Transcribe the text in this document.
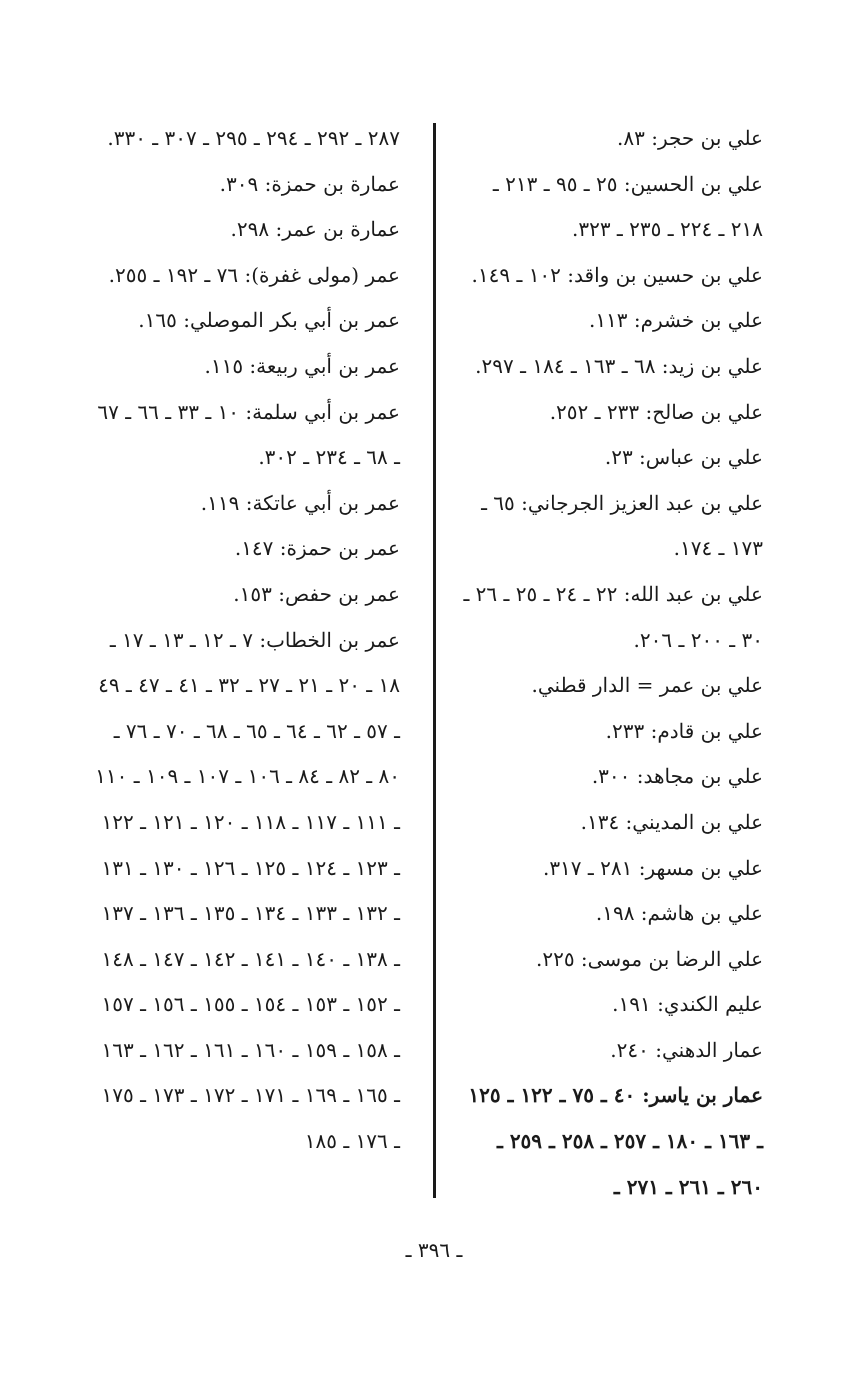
علي بن حجر: ٨٣.
علي بن الحسين: ٢٥ ـ ٩٥ ـ ٢١٣ ـ ٢١٨ ـ ٢٢٤ ـ ٢٣٥ ـ ٣٢٣.
علي بن حسين بن واقد: ١٠٢ ـ ١٤٩.
علي بن خشرم: ١١٣.
علي بن زيد: ٦٨ ـ ١٦٣ ـ ١٨٤ ـ ٢٩٧.
علي بن صالح: ٢٣٣ ـ ٢٥٢.
علي بن عباس: ٢٣.
علي بن عبد العزيز الجرجاني: ٦٥ ـ ١٧٣ ـ ١٧٤.
علي بن عبد الله: ٢٢ ـ ٢٤ ـ ٢٥ ـ ٢٦ ـ ٣٠ ـ ٢٠٠ ـ ٢٠٦.
علي بن عمر = الدار قطني.
علي بن قادم: ٢٣٣.
علي بن مجاهد: ٣٠٠.
علي بن المديني: ١٣٤.
علي بن مسهر: ٢٨١ ـ ٣١٧.
علي بن هاشم: ١٩٨.
علي الرضا بن موسى: ٢٢٥.
عليم الكندي: ١٩١.
عمار الدهني: ٢٤٠.
عمار بن ياسر: ٤٠ ـ ٧٥ ـ ١٢٢ ـ ١٢٥ ـ ١٦٣ ـ ١٨٠ ـ ٢٥٧ ـ ٢٥٨ ـ ٢٥٩ ـ ٢٦٠ ـ ٢٦١ ـ ٢٧١ ـ
٢٨٧ ـ ٢٩٢ ـ ٢٩٤ ـ ٢٩٥ ـ ٣٠٧ ـ ٣٣٠.
عمارة بن حمزة: ٣٠٩.
عمارة بن عمر: ٢٩٨.
عمر (مولى غفرة): ٧٦ ـ ١٩٢ ـ ٢٥٥.
عمر بن أبي بكر الموصلي: ١٦٥.
عمر بن أبي ربيعة: ١١٥.
عمر بن أبي سلمة: ١٠ ـ ٣٣ ـ ٦٦ ـ ٦٧ ـ ٦٨ ـ ٢٣٤ ـ ٣٠٢.
عمر بن أبي عاتكة: ١١٩.
عمر بن حمزة: ١٤٧.
عمر بن حفص: ١٥٣.
عمر بن الخطاب: ٧ ـ ١٢ ـ ١٣ ـ ١٧ ـ ١٨ ـ ٢٠ ـ ٢١ ـ ٢٧ ـ ٣٢ ـ ٤١ ـ ٤٧ ـ ٤٩ ـ ٥٧ ـ ٦٢ ـ ٦٤ ـ ٦٥ ـ ٦٨ ـ ٧٠ ـ ٧٦ ـ ٨٠ ـ ٨٢ ـ ٨٤ ـ ١٠٦ ـ ١٠٧ ـ ١٠٩ ـ ١١٠ ـ ١١١ ـ ١١٧ ـ ١١٨ ـ ١٢٠ ـ ١٢١ ـ ١٢٢ ـ ١٢٣ ـ ١٢٤ ـ ١٢٥ ـ ١٢٦ ـ ١٣٠ ـ ١٣١ ـ ١٣٢ ـ ١٣٣ ـ ١٣٤ ـ ١٣٥ ـ ١٣٦ ـ ١٣٧ ـ ١٣٨ ـ ١٤٠ ـ ١٤١ ـ ١٤٢ ـ ١٤٧ ـ ١٤٨ ـ ١٥٢ ـ ١٥٣ ـ ١٥٤ ـ ١٥٥ ـ ١٥٦ ـ ١٥٧ ـ ١٥٨ ـ ١٥٩ ـ ١٦٠ ـ ١٦١ ـ ١٦٢ ـ ١٦٣ ـ ١٦٥ ـ ١٦٩ ـ ١٧١ ـ ١٧٢ ـ ١٧٣ ـ ١٧٥ ـ ١٧٦ ـ ١٨٥
ـ ٣٩٦ ـ
